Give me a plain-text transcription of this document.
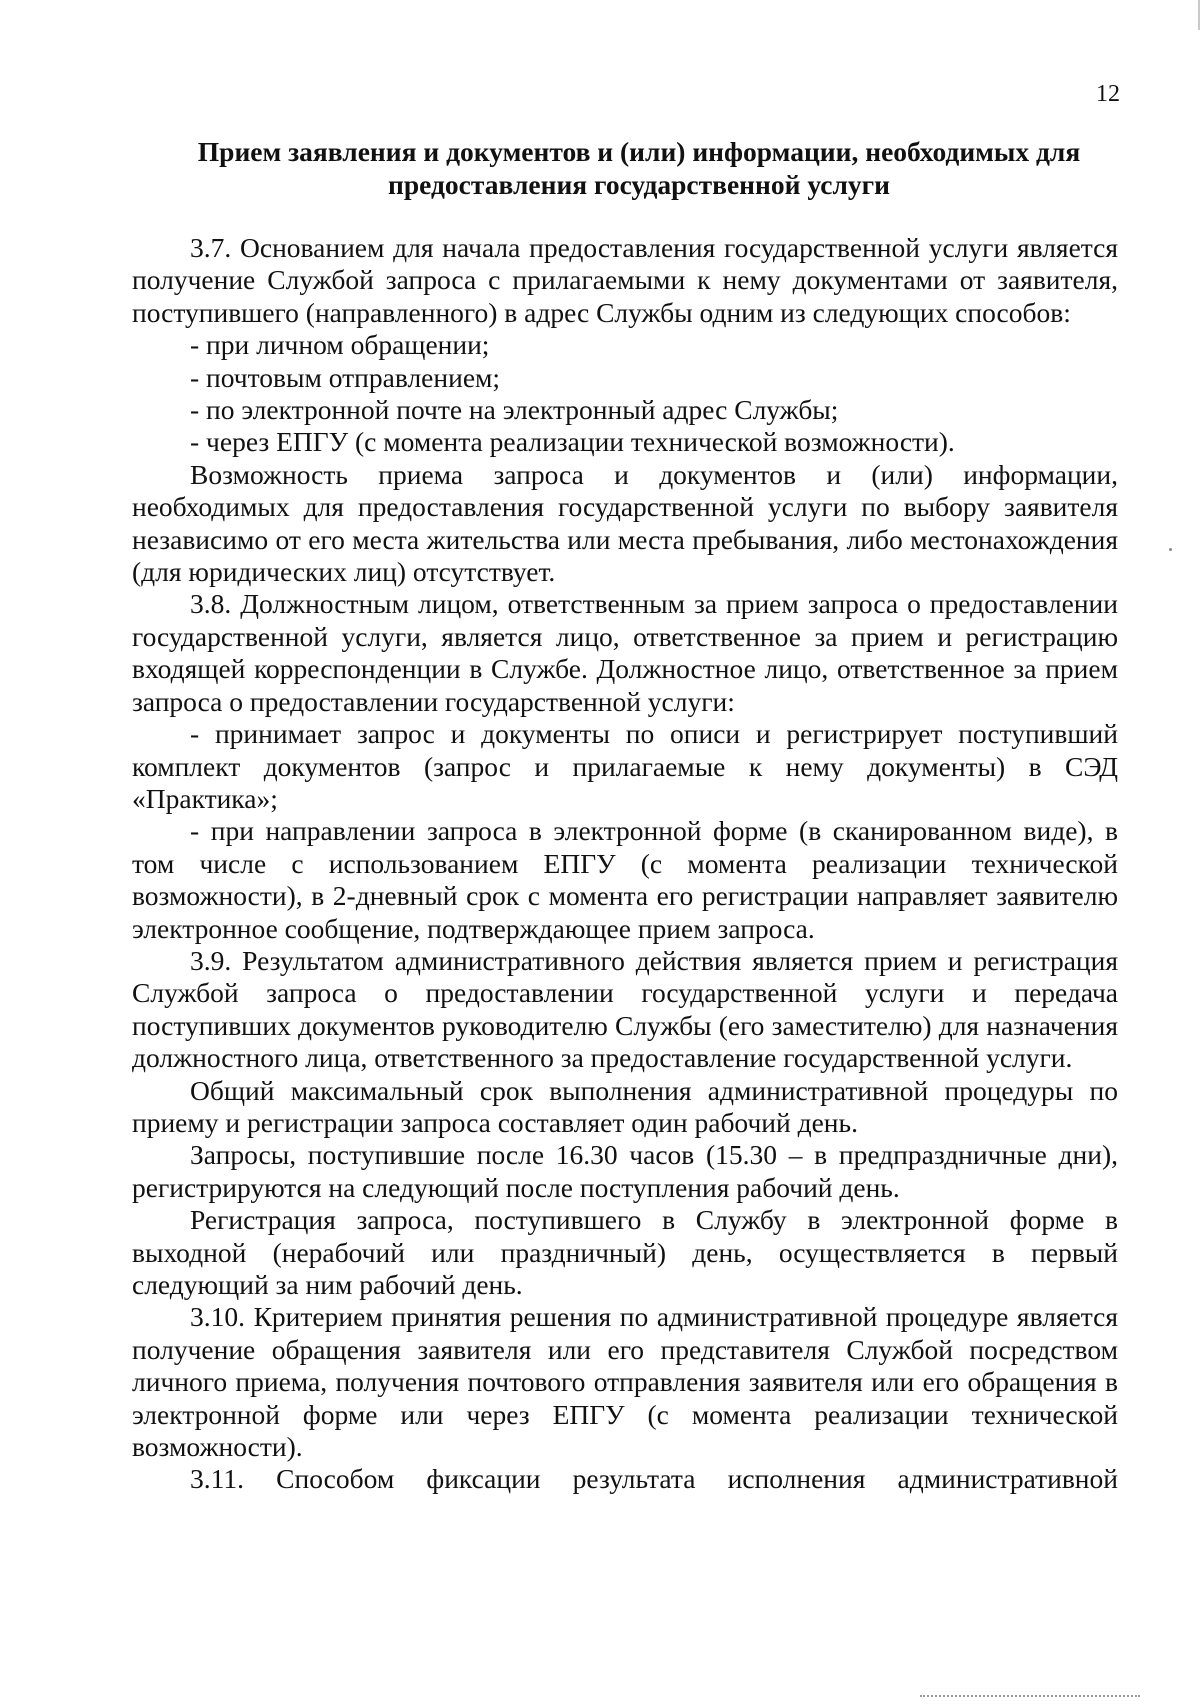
12
Прием заявления и документов и (или) информации, необходимых для предоставления государственной услуги

3.7. Основанием для начала предоставления государственной услуги является получение Службой запроса с прилагаемыми к нему документами от заявителя, поступившего (направленного) в адрес Службы одним из следующих способов:

- при личном обращении;

- почтовым отправлением;

- по электронной почте на электронный адрес Службы;

- через ЕПГУ (с момента реализации технической возможности).

Возможность приема запроса и документов и (или) информации, необходимых для предоставления государственной услуги по выбору заявителя независимо от его места жительства или места пребывания, либо местонахождения (для юридических лиц) отсутствует.

3.8. Должностным лицом, ответственным за прием запроса о предоставлении государственной услуги, является лицо, ответственное за прием и регистрацию входящей корреспонденции в Службе. Должностное лицо, ответственное за прием запроса о предоставлении государственной услуги:

- принимает запрос и документы по описи и регистрирует поступивший комплект документов (запрос и прилагаемые к нему документы) в СЭД «Практика»;

- при направлении запроса в электронной форме (в сканированном виде), в том числе с использованием ЕПГУ (с момента реализации технической возможности), в 2-дневный срок с момента его регистрации направляет заявителю электронное сообщение, подтверждающее прием запроса.

3.9. Результатом административного действия является прием и регистрация Службой запроса о предоставлении государственной услуги и передача поступивших документов руководителю Службы (его заместителю) для назначения должностного лица, ответственного за предоставление государственной услуги.

Общий максимальный срок выполнения административной процедуры по приему и регистрации запроса составляет один рабочий день.

Запросы, поступившие после 16.30 часов (15.30 – в предпраздничные дни), регистрируются на следующий после поступления рабочий день.

Регистрация запроса, поступившего в Службу в электронной форме в выходной (нерабочий или праздничный) день, осуществляется в первый следующий за ним рабочий день.

3.10. Критерием принятия решения по административной процедуре является получение обращения заявителя или его представителя Службой посредством личного приема, получения почтового отправления заявителя или его обращения в электронной форме или через ЕПГУ (с момента реализации технической возможности).

3.11. Способом фиксации результата исполнения административной
